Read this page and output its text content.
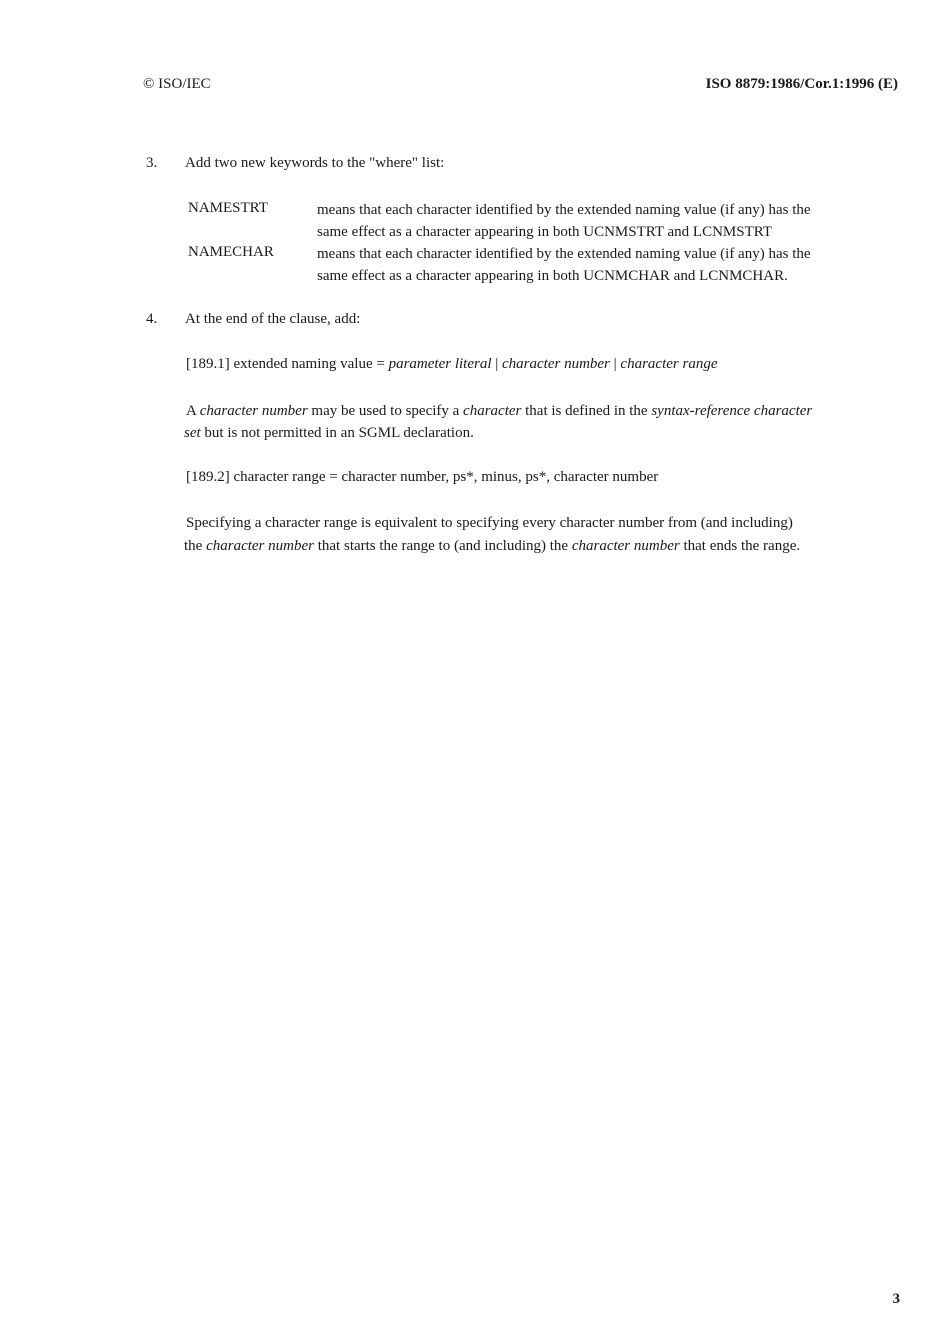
© ISO/IEC	ISO 8879:1986/Cor.1:1996 (E)
3.	Add two new keywords to the "where" list:
NAMESTRT	means that each character identified by the extended naming value (if any) has the
same effect as a character appearing in both UCNMSTRT and LCNMSTRT
NAMECHAR	means that each character identified by the extended naming value (if any) has the
same effect as a character appearing in both UCNMCHAR and LCNMCHAR.
4.	At the end of the clause, add:
[189.1] extended naming value = parameter literal | character number | character range
A character number may be used to specify a character that is defined in the syntax-reference character
set but is not permitted in an SGML declaration.
[189.2] character range = character number, ps*, minus, ps*, character number
Specifying a character range is equivalent to specifying every character number from (and including)
the character number that starts the range to (and including) the character number that ends the range.
3
